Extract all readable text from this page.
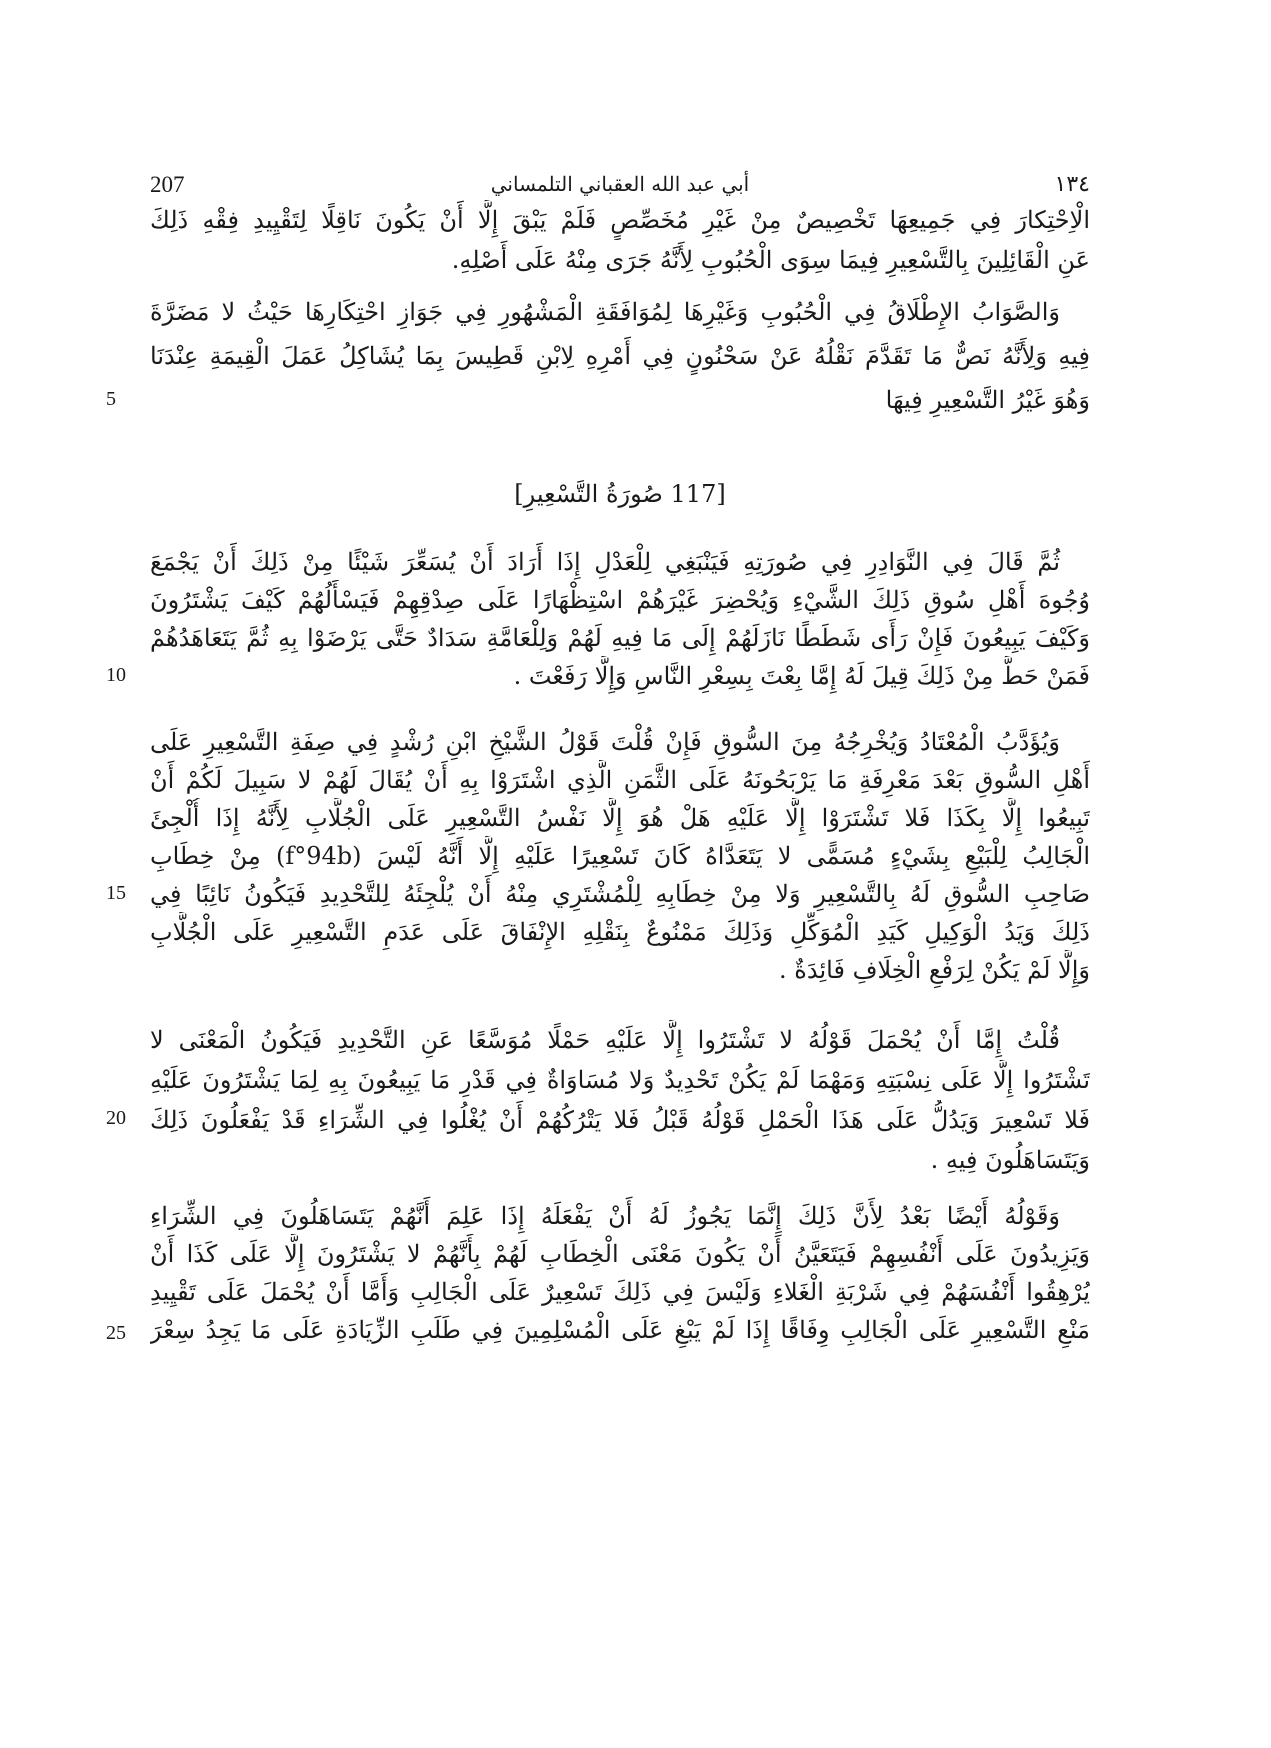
207	أبي عبد الله العقباني التلمساني	١٣٤
الْاِحْتِكارَ فِي جَمِيعِهَا تَخْصِيصٌ مِنْ غَيْرِ مُخَصِّصٍ فَلَمْ يَبْقَ إِلَّا أَنْ يَكُونَ نَاقِلًا لِتَقْيِيدِ فِقْهِ ذَلِكَ
عَنِ الْقَائِلِينَ بِالتَّسْعِيرِ فِيمَا سِوَى الْحُبُوبِ لِأَنَّهُ جَرَى مِنْهُ عَلَى أَصْلِهِ.
وَالصَّوَابُ الإِطْلَاقُ فِي الْحُبُوبِ وَغَيْرِهَا لِمُوَافَقَةِ الْمَشْهُورِ فِي جَوَازِ احْتِكَارِهَا حَيْثُ لا مَضَرَّةَ
فِيهِ وَلِأَنَّهُ نَصٌّ مَا تَقَدَّمَ نَقْلُهُ عَنْ سَحْنُونٍ فِي أَمْرِهِ لِابْنِ قَطِيسَ بِمَا يُشَاكِلُ عَمَلَ الْقِيمَةِ عِنْدَنَا
وَهُوَ غَيْرُ التَّسْعِيرِ فِيهَا
5
[117 صُورَةُ التَّسْعِيرِ]
ثُمَّ قَالَ فِي النَّوَادِرِ فِي صُورَتِهِ فَيَنْبَغِي لِلْعَدْلِ إِذَا أَرَادَ أَنْ يُسَعِّرَ شَيْئًا مِنْ ذَلِكَ أَنْ يَجْمَعَ
وُجُوهَ أَهْلِ سُوقِ ذَلِكَ الشَّيْءِ وَيُحْضِرَ غَيْرَهُمْ اسْتِظْهَارًا عَلَى صِدْقِهِمْ فَيَسْأَلُهُمْ كَيْفَ يَشْتَرُونَ
وَكَيْفَ يَبِيعُونَ فَإِنْ رَأَى شَطَطًا نَازَلَهُمْ إِلَى مَا فِيهِ لَهُمْ وَلِلْعَامَّةِ سَدَادٌ حَتَّى يَرْضَوْا بِهِ ثُمَّ يَتَعَاهَدُهُمْ
فَمَنْ حَطَّ مِنْ ذَلِكَ قِيلَ لَهُ إِمَّا بِعْتَ بِسِعْرِ النَّاسِ وَإِلَّا رَفَعْتَ .
10
وَيُؤَدَّبُ الْمُعْتَادُ وَيُخْرِجُهُ مِنَ السُّوقِ فَإِنْ قُلْتَ قَوْلُ الشَّيْخِ ابْنِ رُشْدٍ فِي صِفَةِ التَّسْعِيرِ عَلَى
أَهْلِ السُّوقِ بَعْدَ مَعْرِفَةِ مَا يَرْبَحُونَهُ عَلَى الثَّمَنِ الَّذِي اشْتَرَوْا بِهِ أَنْ يُقَالَ لَهُمْ لا سَبِيلَ لَكُمْ أَنْ
تَبِيعُوا إِلَّا بِكَذَا فَلا تَشْتَرَوْا إِلَّا عَلَيْهِ هَلْ هُوَ إِلَّا نَفْسُ التَّسْعِيرِ عَلَى الْجُلَّابِ لِأَنَّهُ إِذَا أُلْجِئَ
الْجَالِبُ لِلْبَيْعِ بِشَيْءٍ مُسَمًّى لا يَتَعَدَّاهُ كَانَ تَسْعِيرًا عَلَيْهِ إِلَّا أَنَّهُ لَيْسَ (f°94b) مِنْ خِطَابِ
صَاحِبِ السُّوقِ لَهُ بِالتَّسْعِيرِ وَلا مِنْ خِطَابِهِ لِلْمُشْتَرِي مِنْهُ أَنْ يُلْجِئَهُ لِلتَّحْدِيدِ فَيَكُونُ نَائِبًا فِي
ذَلِكَ وَيَدُ الْوَكِيلِ كَيَدِ الْمُوَكِّلِ وَذَلِكَ مَمْنُوعٌ بِنَقْلِهِ الإِنْفَاقَ عَلَى عَدَمِ التَّسْعِيرِ عَلَى الْجُلَّابِ
وَإِلَّا لَمْ يَكُنْ لِرَفْعِ الْخِلَافِ فَائِدَةٌ .
15
قُلْتُ إِمَّا أَنْ يُحْمَلَ قَوْلُهُ لا تَشْتَرُوا إِلَّا عَلَيْهِ حَمْلًا مُوَسَّعًا عَنِ التَّحْدِيدِ فَيَكُونُ الْمَعْنَى لا
تَشْتَرُوا إِلَّا عَلَى نِسْبَتِهِ وَمَهْمَا لَمْ يَكُنْ تَحْدِيدٌ وَلا مُسَاوَاةٌ فِي قَدْرِ مَا يَبِيعُونَ بِهِ لِمَا يَشْتَرُونَ عَلَيْهِ
فَلا تَسْعِيرَ وَيَدُلُّ عَلَى هَذَا الْحَمْلِ قَوْلُهُ قَبْلُ فَلا يَتْرُكُهُمْ أَنْ يُغْلُوا فِي الشِّرَاءِ قَدْ يَفْعَلُونَ ذَلِكَ
وَيَتَسَاهَلُونَ فِيهِ .
20
وَقَوْلُهُ أَيْضًا بَعْدُ لِأَنَّ ذَلِكَ إِنَّمَا يَجُوزُ لَهُ أَنْ يَفْعَلَهُ إِذَا عَلِمَ أَنَّهُمْ يَتَسَاهَلُونَ فِي الشِّرَاءِ
وَيَزِيدُونَ عَلَى أَنْفُسِهِمْ فَيَتَعَيَّنُ أَنْ يَكُونَ مَعْنَى الْخِطَابِ لَهُمْ بِأَنَّهُمْ لا يَشْتَرُونَ إِلَّا عَلَى كَذَا أَنْ
يُرْهِقُوا أَنْفُسَهُمْ فِي شَرْبَةِ الْغَلاءِ وَلَيْسَ فِي ذَلِكَ تَسْعِيرٌ عَلَى الْجَالِبِ وَأَمَّا أَنْ يُحْمَلَ عَلَى تَقْيِيدِ
مَنْعِ التَّسْعِيرِ عَلَى الْجَالِبِ وِفَاقًا إِذَا لَمْ يَبْغِ عَلَى الْمُسْلِمِينَ فِي طَلَبِ الزِّيَادَةِ عَلَى مَا يَجِدُ سِعْرَ
25
